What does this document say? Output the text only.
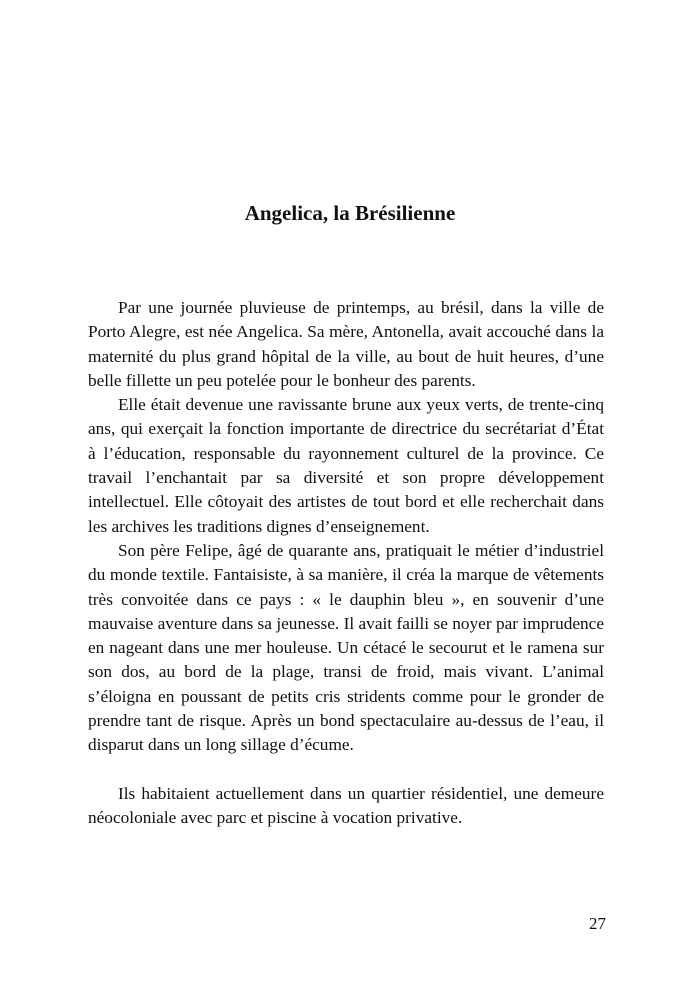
Angelica, la Brésilienne

Par une journée pluvieuse de printemps, au brésil, dans la ville de Porto Alegre, est née Angelica. Sa mère, Antonella, avait accouché dans la maternité du plus grand hôpital de la ville, au bout de huit heures, d’une belle fillette un peu potelée pour le bonheur des parents.

Elle était devenue une ravissante brune aux yeux verts, de trente-cinq ans, qui exerçait la fonction importante de directrice du secrétariat d’État à l’éducation, responsable du rayonnement culturel de la province. Ce travail l’enchantait par sa diversité et son propre développement intellectuel. Elle côtoyait des artistes de tout bord et elle recherchait dans les archives les traditions dignes d’enseignement.

Son père Felipe, âgé de quarante ans, pratiquait le métier d’industriel du monde textile. Fantaisiste, à sa manière, il créa la marque de vêtements très convoitée dans ce pays : « le dauphin bleu », en souvenir d’une mauvaise aventure dans sa jeunesse. Il avait failli se noyer par imprudence en nageant dans une mer houleuse. Un cétacé le secourut et le ramena sur son dos, au bord de la plage, transi de froid, mais vivant. L’animal s’éloigna en poussant de petits cris stridents comme pour le gronder de prendre tant de risque. Après un bond spectaculaire au-dessus de l’eau, il disparut dans un long sillage d’écume.

Ils habitaient actuellement dans un quartier résidentiel, une demeure néocoloniale avec parc et piscine à vocation privative.

27
